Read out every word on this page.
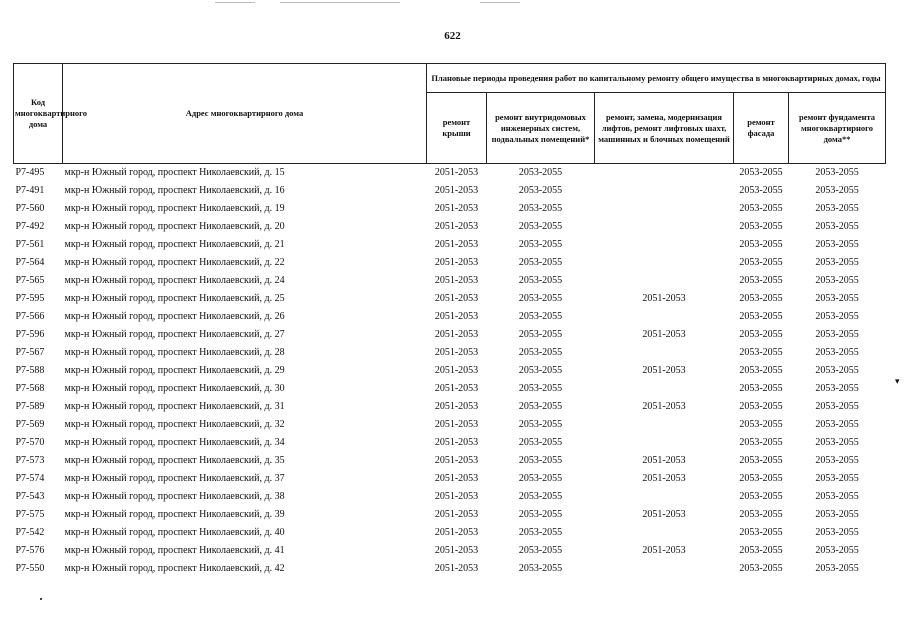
622
Код многоквартирного дома	Адрес многоквартирного дома	Плановые периоды проведения работ по капитальному ремонту общего имущества в многоквартирных домах, годы				
		ремонт крыши	ремонт внутридомовых инженерных систем, подвальных помещений*	ремонт, замена, модернизация лифтов, ремонт лифтовых шахт, машинных и блочных помещений	ремонт фасада	ремонт фундамента многоквартирного дома**
Р7-495	мкр-н Южный город, проспект Николаевский, д. 15	2051-2053	2053-2055		2053-2055	2053-2055
Р7-491	мкр-н Южный город, проспект Николаевский, д. 16	2051-2053	2053-2055		2053-2055	2053-2055
Р7-560	мкр-н Южный город, проспект Николаевский, д. 19	2051-2053	2053-2055		2053-2055	2053-2055
Р7-492	мкр-н Южный город, проспект Николаевский, д. 20	2051-2053	2053-2055		2053-2055	2053-2055
Р7-561	мкр-н Южный город, проспект Николаевский, д. 21	2051-2053	2053-2055		2053-2055	2053-2055
Р7-564	мкр-н Южный город, проспект Николаевский, д. 22	2051-2053	2053-2055		2053-2055	2053-2055
Р7-565	мкр-н Южный город, проспект Николаевский, д. 24	2051-2053	2053-2055		2053-2055	2053-2055
Р7-595	мкр-н Южный город, проспект Николаевский, д. 25	2051-2053	2053-2055	2051-2053	2053-2055	2053-2055
Р7-566	мкр-н Южный город, проспект Николаевский, д. 26	2051-2053	2053-2055		2053-2055	2053-2055
Р7-596	мкр-н Южный город, проспект Николаевский, д. 27	2051-2053	2053-2055	2051-2053	2053-2055	2053-2055
Р7-567	мкр-н Южный город, проспект Николаевский, д. 28	2051-2053	2053-2055		2053-2055	2053-2055
Р7-588	мкр-н Южный город, проспект Николаевский, д. 29	2051-2053	2053-2055	2051-2053	2053-2055	2053-2055
Р7-568	мкр-н Южный город, проспект Николаевский, д. 30	2051-2053	2053-2055		2053-2055	2053-2055
Р7-589	мкр-н Южный город, проспект Николаевский, д. 31	2051-2053	2053-2055	2051-2053	2053-2055	2053-2055
Р7-569	мкр-н Южный город, проспект Николаевский, д. 32	2051-2053	2053-2055		2053-2055	2053-2055
Р7-570	мкр-н Южный город, проспект Николаевский, д. 34	2051-2053	2053-2055		2053-2055	2053-2055
Р7-573	мкр-н Южный город, проспект Николаевский, д. 35	2051-2053	2053-2055	2051-2053	2053-2055	2053-2055
Р7-574	мкр-н Южный город, проспект Николаевский, д. 37	2051-2053	2053-2055	2051-2053	2053-2055	2053-2055
Р7-543	мкр-н Южный город, проспект Николаевский, д. 38	2051-2053	2053-2055		2053-2055	2053-2055
Р7-575	мкр-н Южный город, проспект Николаевский, д. 39	2051-2053	2053-2055	2051-2053	2053-2055	2053-2055
Р7-542	мкр-н Южный город, проспект Николаевский, д. 40	2051-2053	2053-2055		2053-2055	2053-2055
Р7-576	мкр-н Южный город, проспект Николаевский, д. 41	2051-2053	2053-2055	2051-2053	2053-2055	2053-2055
Р7-550	мкр-н Южный город, проспект Николаевский, д. 42	2051-2053	2053-2055		2053-2055	2053-2055
▾
